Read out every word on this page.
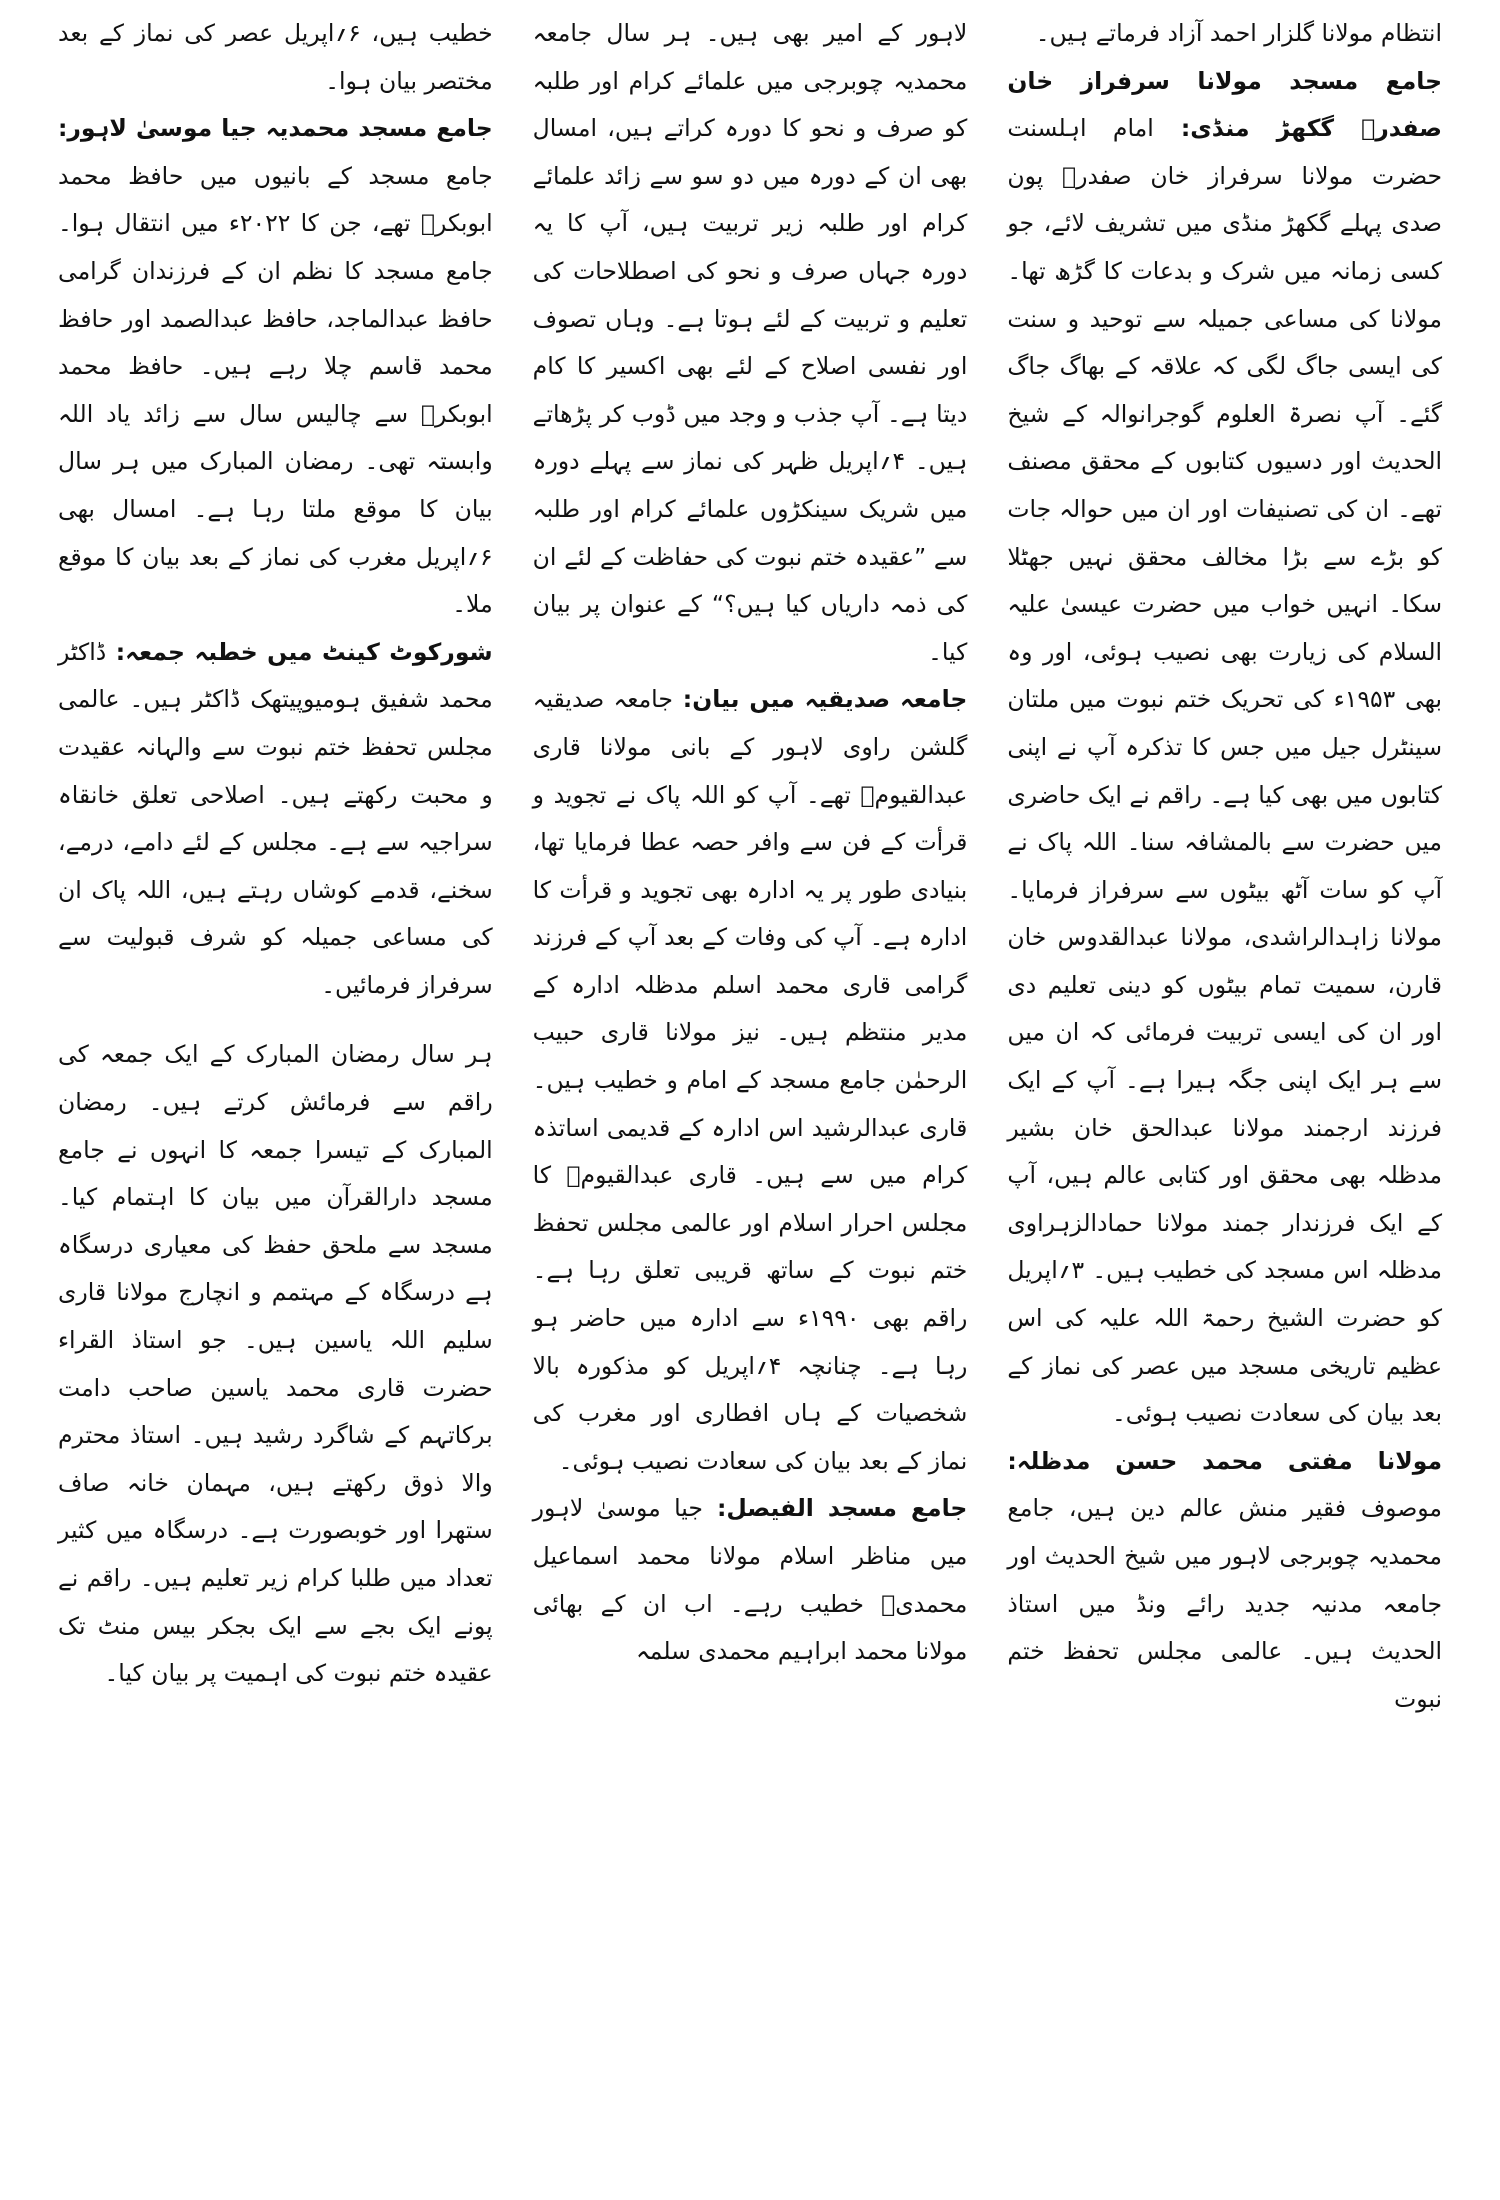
خطیب ہیں، ۶؍اپریل عصر کی نماز کے بعد مختصر بیان ہوا۔

جامع مسجد محمدیہ جیا موسیٰ لاہور: جامع مسجد کے بانیوں میں حافظ محمد ابوبکرؒ تھے، جن کا ۲۰۲۲ء میں انتقال ہوا۔ جامع مسجد کا نظم ان کے فرزندان گرامی حافظ عبدالماجد، حافظ عبدالصمد اور حافظ محمد قاسم چلا رہے ہیں۔ حافظ محمد ابوبکرؒ سے چالیس سال سے زائد یاد اللہ وابستہ تھی۔ رمضان المبارک میں ہر سال بیان کا موقع ملتا رہا ہے۔ امسال بھی ۶؍اپریل مغرب کی نماز کے بعد بیان کا موقع ملا۔

شورکوٹ کینٹ میں خطبہ جمعہ: ڈاکٹر محمد شفیق ہومیوپیتھک ڈاکٹر ہیں۔ عالمی مجلس تحفظ ختم نبوت سے والہانہ عقیدت و محبت رکھتے ہیں۔ اصلاحی تعلق خانقاہ سراجیہ سے ہے۔ مجلس کے لئے دامے، درمے، سخنے، قدمے کوشاں رہتے ہیں، اللہ پاک ان کی مساعی جمیلہ کو شرف قبولیت سے سرفراز فرمائیں۔

ہر سال رمضان المبارک کے ایک جمعہ کی راقم سے فرمائش کرتے ہیں۔ رمضان المبارک کے تیسرا جمعہ کا انہوں نے جامع مسجد دارالقرآن میں بیان کا اہتمام کیا۔ مسجد سے ملحق حفظ کی معیاری درسگاہ ہے درسگاہ کے مہتمم و انچارج مولانا قاری سلیم اللہ یاسین ہیں۔ جو استاذ القراء حضرت قاری محمد یاسین صاحب دامت برکاتہم کے شاگرد رشید ہیں۔ استاذ محترم والا ذوق رکھتے ہیں، مہمان خانہ صاف ستھرا اور خوبصورت ہے۔ درسگاہ میں کثیر تعداد میں طلبا کرام زیر تعلیم ہیں۔ راقم نے پونے ایک بجے سے ایک بجکر بیس منٹ تک عقیدہ ختم نبوت کی اہمیت پر بیان کیا۔

لاہور کے امیر بھی ہیں۔ ہر سال جامعہ محمدیہ چوبرجی میں علمائے کرام اور طلبہ کو صرف و نحو کا دورہ کراتے ہیں، امسال بھی ان کے دورہ میں دو سو سے زائد علمائے کرام اور طلبہ زیر تربیت ہیں، آپ کا یہ دورہ جہاں صرف و نحو کی اصطلاحات کی تعلیم و تربیت کے لئے ہوتا ہے۔ وہاں تصوف اور نفسی اصلاح کے لئے بھی اکسیر کا کام دیتا ہے۔ آپ جذب و وجد میں ڈوب کر پڑھاتے ہیں۔ ۴؍اپریل ظہر کی نماز سے پہلے دورہ میں شریک سینکڑوں علمائے کرام اور طلبہ سے ”عقیدہ ختم نبوت کی حفاظت کے لئے ان کی ذمہ داریاں کیا ہیں؟“ کے عنوان پر بیان کیا۔

جامعہ صدیقیہ میں بیان: جامعہ صدیقیہ گلشن راوی لاہور کے بانی مولانا قاری عبدالقیومؒ تھے۔ آپ کو اللہ پاک نے تجوید و قرأت کے فن سے وافر حصہ عطا فرمایا تھا، بنیادی طور پر یہ ادارہ بھی تجوید و قرأت کا ادارہ ہے۔ آپ کی وفات کے بعد آپ کے فرزند گرامی قاری محمد اسلم مدظلہ ادارہ کے مدیر منتظم ہیں۔ نیز مولانا قاری حبیب الرحمٰن جامع مسجد کے امام و خطیب ہیں۔ قاری عبدالرشید اس ادارہ کے قدیمی اساتذہ کرام میں سے ہیں۔ قاری عبدالقیومؒ کا مجلس احرار اسلام اور عالمی مجلس تحفظ ختم نبوت کے ساتھ قریبی تعلق رہا ہے۔ راقم بھی ۱۹۹۰ء سے ادارہ میں حاضر ہو رہا ہے۔ چنانچہ ۴؍اپریل کو مذکورہ بالا شخصیات کے ہاں افطاری اور مغرب کی نماز کے بعد بیان کی سعادت نصیب ہوئی۔

جامع مسجد الفیصل: جیا موسیٰ لاہور میں مناظر اسلام مولانا محمد اسماعیل محمدیؒ خطیب رہے۔ اب ان کے بھائی مولانا محمد ابراہیم محمدی سلمہ

انتظام مولانا گلزار احمد آزاد فرماتے ہیں۔

جامع مسجد مولانا سرفراز خان صفدرؒ گکھڑ منڈی: امام اہلسنت حضرت مولانا سرفراز خان صفدرؒ پون صدی پہلے گکھڑ منڈی میں تشریف لائے، جو کسی زمانہ میں شرک و بدعات کا گڑھ تھا۔ مولانا کی مساعی جمیلہ سے توحید و سنت کی ایسی جاگ لگی کہ علاقہ کے بھاگ جاگ گئے۔ آپ نصرۃ العلوم گوجرانوالہ کے شیخ الحدیث اور دسیوں کتابوں کے محقق مصنف تھے۔ ان کی تصنیفات اور ان میں حوالہ جات کو بڑے سے بڑا مخالف محقق نہیں جھٹلا سکا۔ انہیں خواب میں حضرت عیسیٰ علیہ السلام کی زیارت بھی نصیب ہوئی، اور وہ بھی ۱۹۵۳ء کی تحریک ختم نبوت میں ملتان سینٹرل جیل میں جس کا تذکرہ آپ نے اپنی کتابوں میں بھی کیا ہے۔ راقم نے ایک حاضری میں حضرت سے بالمشافہ سنا۔ اللہ پاک نے آپ کو سات آٹھ بیٹوں سے سرفراز فرمایا۔ مولانا زاہدالراشدی، مولانا عبدالقدوس خان قارن، سمیت تمام بیٹوں کو دینی تعلیم دی اور ان کی ایسی تربیت فرمائی کہ ان میں سے ہر ایک اپنی جگہ ہیرا ہے۔ آپ کے ایک فرزند ارجمند مولانا عبدالحق خان بشیر مدظلہ بھی محقق اور کتابی عالم ہیں، آپ کے ایک فرزندار جمند مولانا حمادالزہراوی مدظلہ اس مسجد کی خطیب ہیں۔ ۳؍اپریل کو حضرت الشیخ رحمۃ اللہ علیہ کی اس عظیم تاریخی مسجد میں عصر کی نماز کے بعد بیان کی سعادت نصیب ہوئی۔

مولانا مفتی محمد حسن مدظلہ: موصوف فقیر منش عالم دین ہیں، جامع محمدیہ چوبرجی لاہور میں شیخ الحدیث اور جامعہ مدنیہ جدید رائے ونڈ میں استاذ الحدیث ہیں۔ عالمی مجلس تحفظ ختم نبوت
